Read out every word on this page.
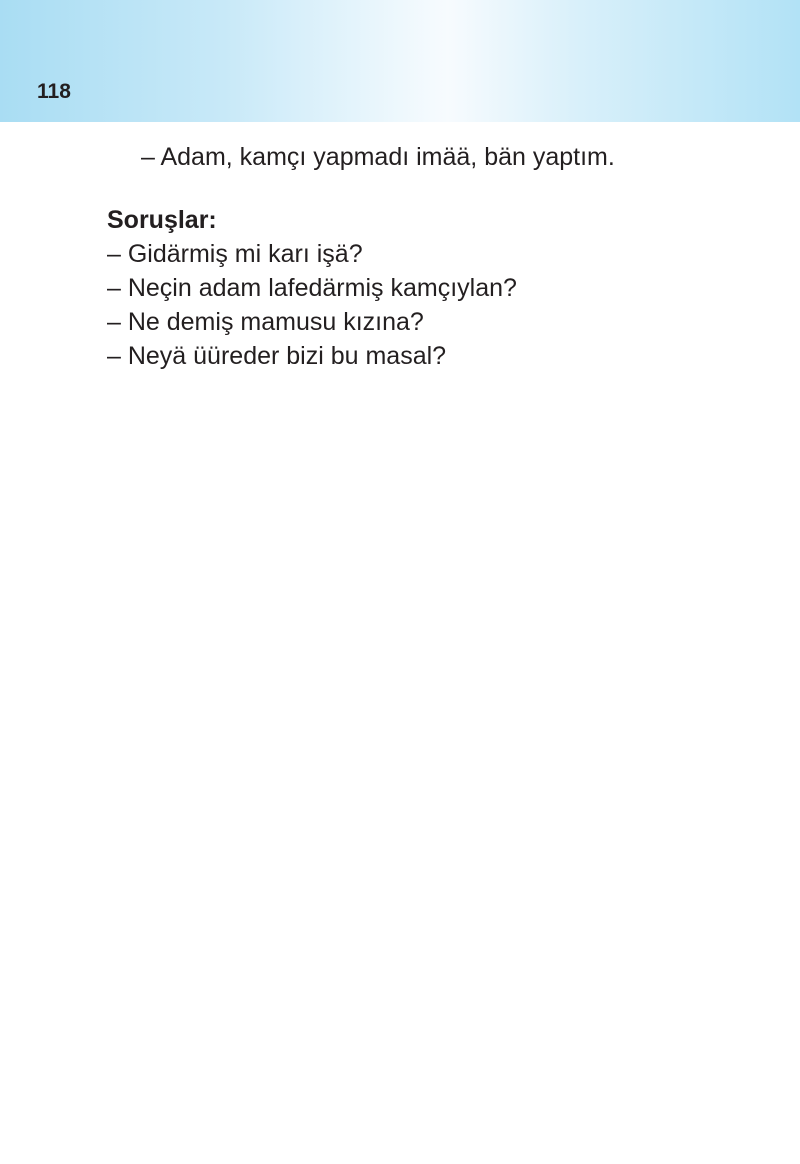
118

– Adam, kamçı yapmadı imää, bän yaptım.

Soruşlar:
– Gidärmiş mi karı işä?
– Neçin adam lafedärmiş kamçıylan?
– Ne demiş mamusu kızına?
– Neyä üüreder bizi bu masal?
